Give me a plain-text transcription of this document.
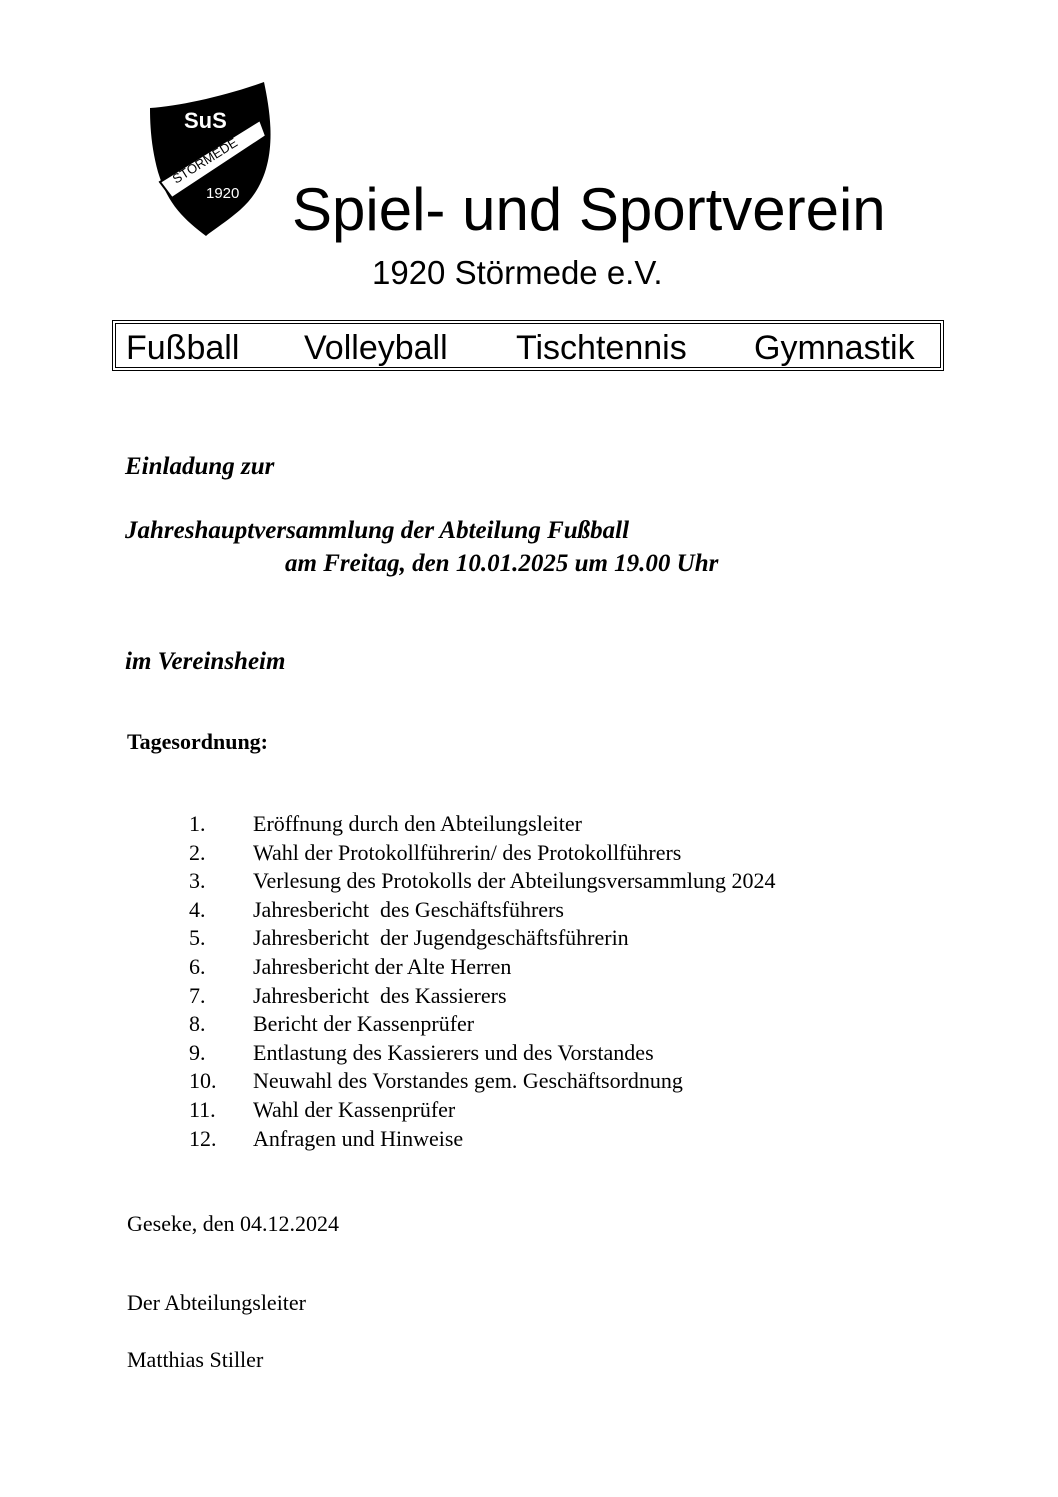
SuS
STÖRMEDE
1920 Spiel- und Sportverein
1920 Störmede e.V.
Fußball Volleyball Tischtennis Gymnastik
Einladung zur
Jahreshauptversammlung der Abteilung Fußball
am Freitag, den 10.01.2025 um 19.00 Uhr
im Vereinsheim
Tagesordnung:
1. Eröffnung durch den Abteilungsleiter
2. Wahl der Protokollführerin/ des Protokollführers
3. Verlesung des Protokolls der Abteilungsversammlung 2024
4. Jahresbericht  des Geschäftsführers
5. Jahresbericht  der Jugendgeschäftsführerin
6. Jahresbericht der Alte Herren
7. Jahresbericht  des Kassierers
8. Bericht der Kassenprüfer
9. Entlastung des Kassierers und des Vorstandes
10. Neuwahl des Vorstandes gem. Geschäftsordnung
11. Wahl der Kassenprüfer
12. Anfragen und Hinweise
Geseke, den 04.12.2024
Der Abteilungsleiter
Matthias Stiller
